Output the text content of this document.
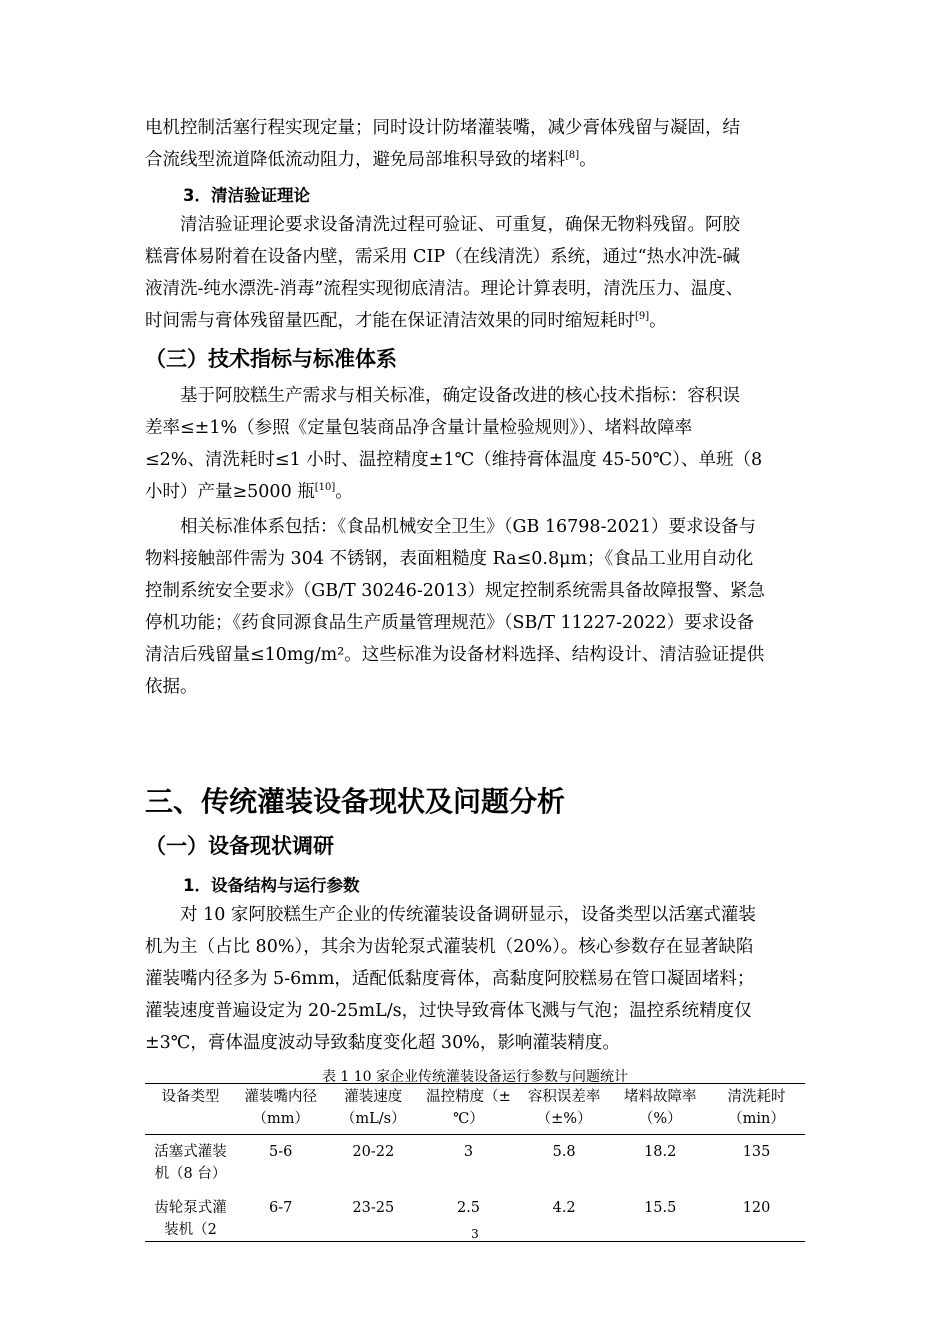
电机控制活塞行程实现定量；同时设计防堵灌装嘴，减少膏体残留与凝固，结
合流线型流道降低流动阻力，避免局部堆积导致的堵料[8]。

3．清洁验证理论

　　清洁验证理论要求设备清洗过程可验证、可重复，确保无物料残留。阿胶
糕膏体易附着在设备内壁，需采用 CIP（在线清洗）系统，通过“热水冲洗-碱
液清洗-纯水漂洗-消毒”流程实现彻底清洁。理论计算表明，清洗压力、温度、
时间需与膏体残留量匹配，才能在保证清洁效果的同时缩短耗时[9]。

（三）技术指标与标准体系

　　基于阿胶糕生产需求与相关标准，确定设备改进的核心技术指标：容积误
差率≤±1%（参照《定量包装商品净含量计量检验规则》）、堵料故障率
≤2%、清洗耗时≤1 小时、温控精度±1℃（维持膏体温度 45-50℃）、单班（8
小时）产量≥5000 瓶[10]。

　　相关标准体系包括：《食品机械安全卫生》（GB 16798-2021）要求设备与
物料接触部件需为 304 不锈钢，表面粗糙度 Ra≤0.8μm；《食品工业用自动化
控制系统安全要求》（GB/T 30246-2013）规定控制系统需具备故障报警、紧急
停机功能；《药食同源食品生产质量管理规范》（SB/T 11227-2022）要求设备
清洁后残留量≤10mg/m²。这些标准为设备材料选择、结构设计、清洁验证提供
依据。

三、传统灌装设备现状及问题分析
（一）设备现状调研
1．设备结构与运行参数

　　对 10 家阿胶糕生产企业的传统灌装设备调研显示，设备类型以活塞式灌装
机为主（占比 80%），其余为齿轮泵式灌装机（20%）。核心参数存在显著缺陷
灌装嘴内径多为 5-6mm，适配低黏度膏体，高黏度阿胶糕易在管口凝固堵料；
灌装速度普遍设定为 20-25mL/s，过快导致膏体飞溅与气泡；温控系统精度仅
±3℃，膏体温度波动导致黏度变化超 30%，影响灌装精度。

表 1 10 家企业传统灌装设备运行参数与问题统计

设备类型	灌装嘴内径
（mm）	灌装速度
（mL/s）	温控精度（±
℃）	容积误差率
（±%）	堵料故障率
（%）	清洗耗时
（min）
活塞式灌装
机（8 台）	5-6	20-22	3	5.8	18.2	135
齿轮泵式灌
装机（2	6-7	23-25	2.5	4.2	15.5	120

3
